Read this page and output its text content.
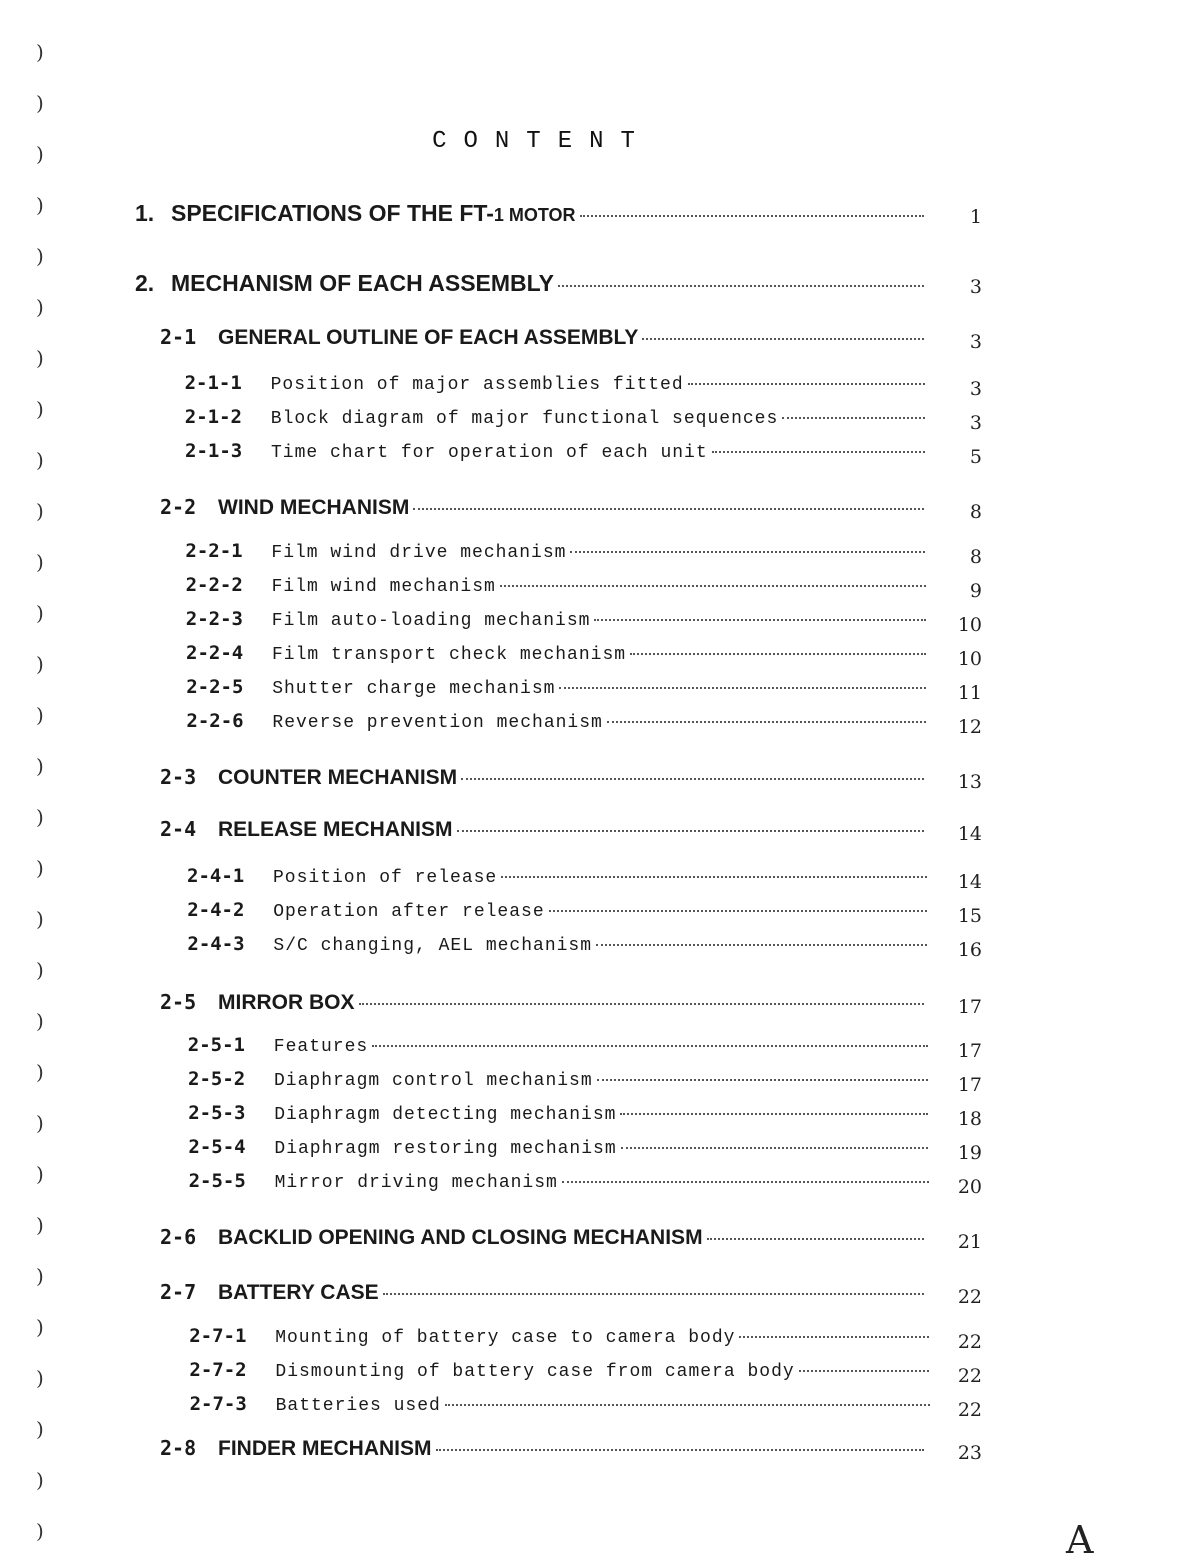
)
)
)
)
)
)
)
)
)
)
)
)
)
)
)
)
)
)
)
)
)
)
)
)
)
)
)
)
)
)
CONTENT
1. SPECIFICATIONS OF THE FT- 1 MOTOR	1
2. MECHANISM OF EACH ASSEMBLY	3
2-1	GENERAL OUTLINE OF EACH ASSEMBLY	3
2-1-1	Position of major assemblies fitted	3
2-1-2	Block diagram of major functional sequences	3
2-1-3	Time chart for operation of each unit	5
2-2	WIND MECHANISM	8
2-2-1	Film wind drive mechanism	8
2-2-2	Film wind mechanism	9
2-2-3	Film auto-loading mechanism	10
2-2-4	Film transport check mechanism	10
2-2-5	Shutter charge mechanism	11
2-2-6	Reverse prevention mechanism	12
2-3	COUNTER MECHANISM	13
2-4	RELEASE MECHANISM	14
2-4-1	Position of release	14
2-4-2	Operation after release	15
2-4-3	S/C changing, AEL mechanism	16
2-5	MIRROR BOX	17
2-5-1	Features	17
2-5-2	Diaphragm control mechanism	17
2-5-3	Diaphragm detecting mechanism	18
2-5-4	Diaphragm restoring mechanism	19
2-5-5	Mirror driving mechanism	20
2-6	BACKLID OPENING AND CLOSING MECHANISM	21
2-7	BATTERY CASE	22
2-7-1	Mounting of battery case to camera body	22
2-7-2	Dismounting of battery case from camera body	22
2-7-3	Batteries used	22
2-8	FINDER MECHANISM	23
A
